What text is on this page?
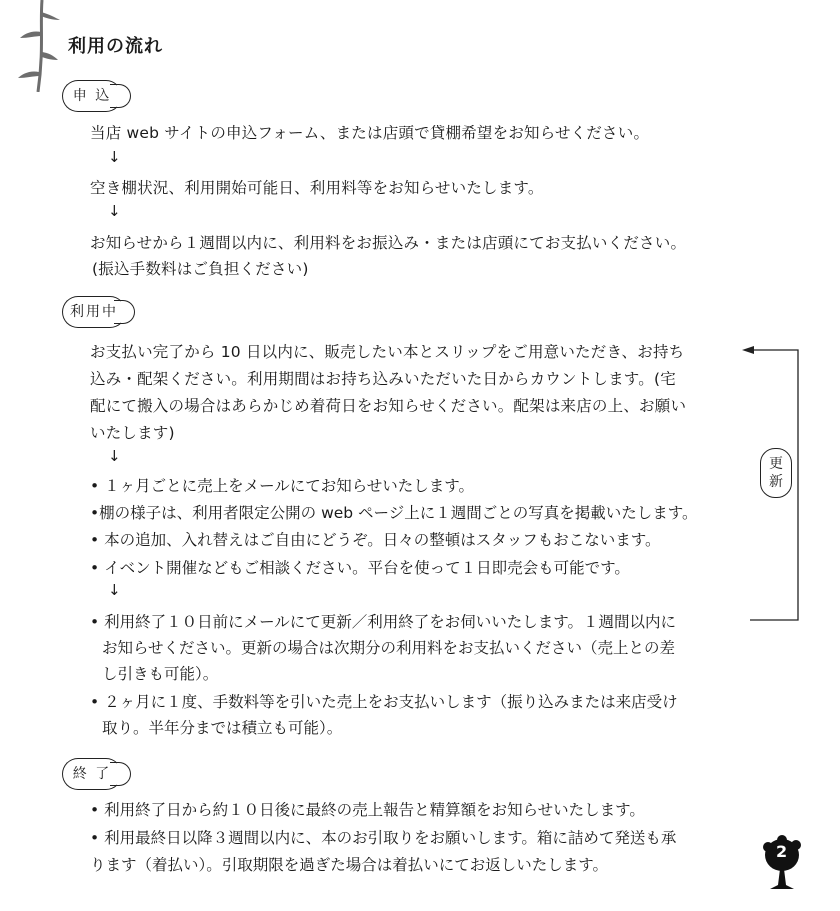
利用の流れ
申 込
当店 web サイトの申込フォーム、または店頭で貸棚希望をお知らせください。
↓
空き棚状況、利用開始可能日、利用料等をお知らせいたします。
↓
お知らせから１週間以内に、利用料をお振込み・または店頭にてお支払いください。
(振込手数料はご負担ください)
利用中
お支払い完了から 10 日以内に、販売したい本とスリップをご用意いただき、お持ち
込み・配架ください。利用期間はお持ち込みいただいた日からカウントします。(宅
配にて搬入の場合はあらかじめ着荷日をお知らせください。配架は来店の上、お願い
いたします)
↓
• １ヶ月ごとに売上をメールにてお知らせいたします。
•棚の様子は、利用者限定公開の web ページ上に１週間ごとの写真を掲載いたします。
• 本の追加、入れ替えはご自由にどうぞ。日々の整頓はスタッフもおこないます。
• イベント開催などもご相談ください。平台を使って１日即売会も可能です。
↓
• 利用終了１０日前にメールにて更新／利用終了をお伺いいたします。１週間以内に
お知らせください。更新の場合は次期分の利用料をお支払いください（売上との差
し引きも可能）。
• ２ヶ月に１度、手数料等を引いた売上をお支払いします（振り込みまたは来店受け
取り。半年分までは積立も可能）。
更
新
終 了
• 利用終了日から約１０日後に最終の売上報告と精算額をお知らせいたします。
• 利用最終日以降３週間以内に、本のお引取りをお願いします。箱に詰めて発送も承
ります（着払い）。引取期限を過ぎた場合は着払いにてお返しいたします。
2
